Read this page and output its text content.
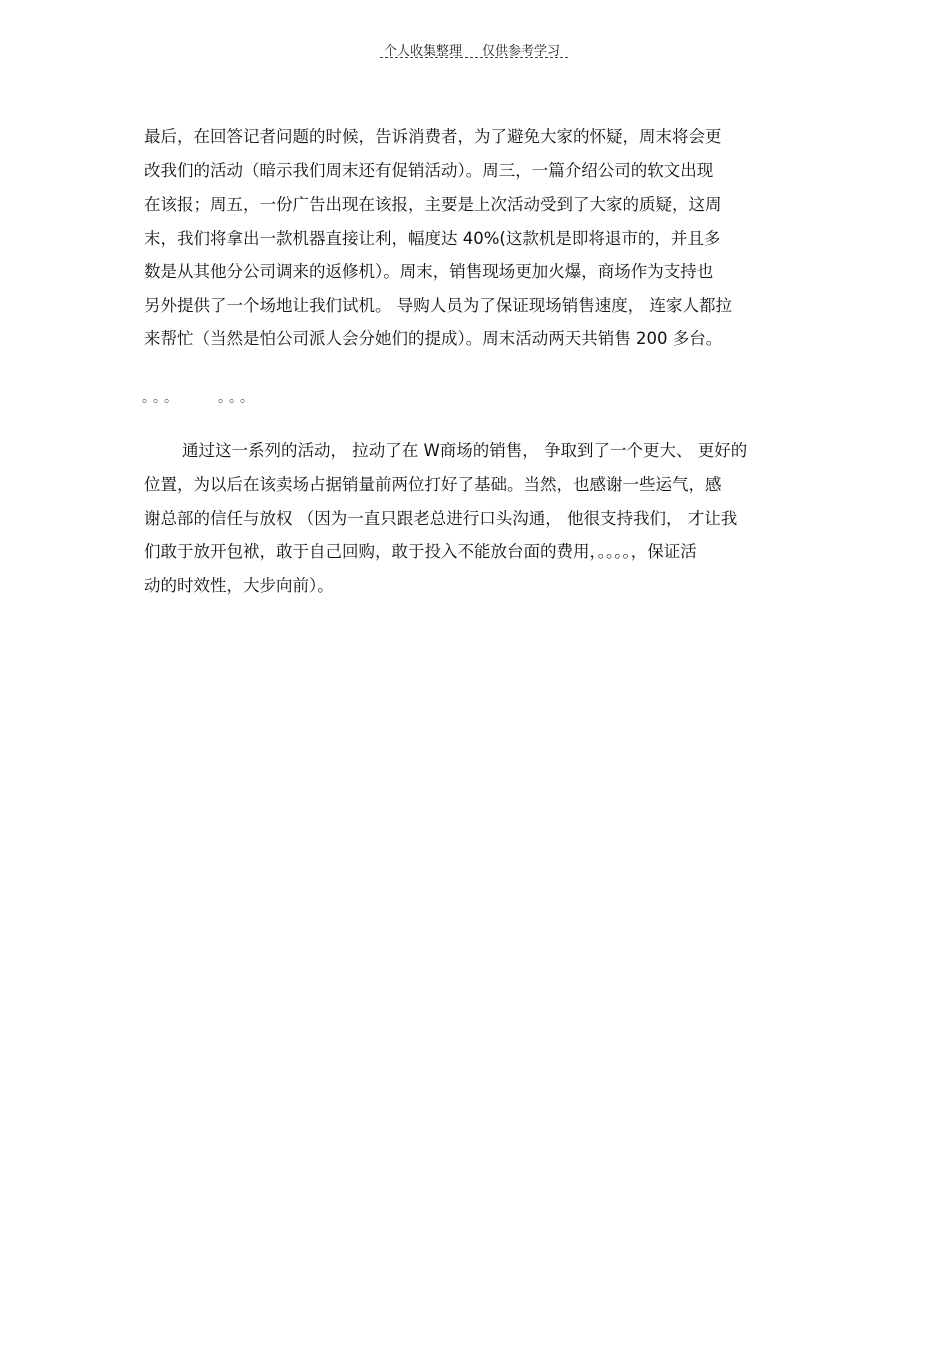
个人收集整理 仅供参考学习
最后，在回答记者问题的时候，告诉消费者，为了避免大家的怀疑，周末将会更
改我们的活动（暗示我们周末还有促销活动）。周三，一篇介绍公司的软文出现
在该报；周五，一份广告出现在该报，主要是上次活动受到了大家的质疑，这周
末，我们将拿出一款机器直接让利，幅度达 40%(这款机是即将退市的，并且多
数是从其他分公司调来的返修机）。周末，销售现场更加火爆，商场作为支持也
另外提供了一个场地让我们试机。 导购人员为了保证现场销售速度， 连家人都拉
来帮忙（当然是怕公司派人会分她们的提成）。周末活动两天共销售 200 多台。
。。。	。。。
通过这一系列的活动， 拉动了在 W商场的销售， 争取到了一个更大、 更好的
位置，为以后在该卖场占据销量前两位打好了基础。当然，也感谢一些运气，感
谢总部的信任与放权 （因为一直只跟老总进行口头沟通， 他很支持我们， 才让我
们敢于放开包袱，敢于自己回购，敢于投入不能放台面的费用，。。。。，保证活
动的时效性，大步向前）。
